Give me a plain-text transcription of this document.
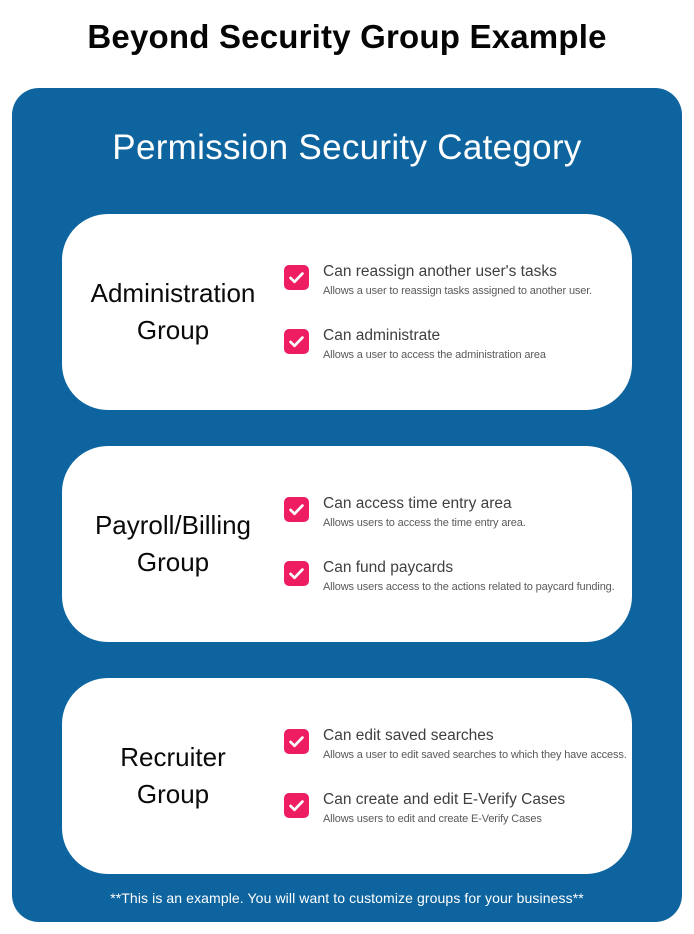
Beyond Security Group Example
Permission Security Category
Administration
Group
Can reassign another user's tasks
Allows a user to reassign tasks assigned to another user.
Can administrate
Allows a user to access the administration area
Payroll/Billing
Group
Can access time entry area
Allows users to access the time entry area.
Can fund paycards
Allows users access to the actions related to paycard funding.
Recruiter
Group
Can edit saved searches
Allows a user to edit saved searches to which they have access.
Can create and edit E-Verify Cases
Allows users to edit and create E-Verify Cases
**This is an example. You will want to customize groups for your business**
